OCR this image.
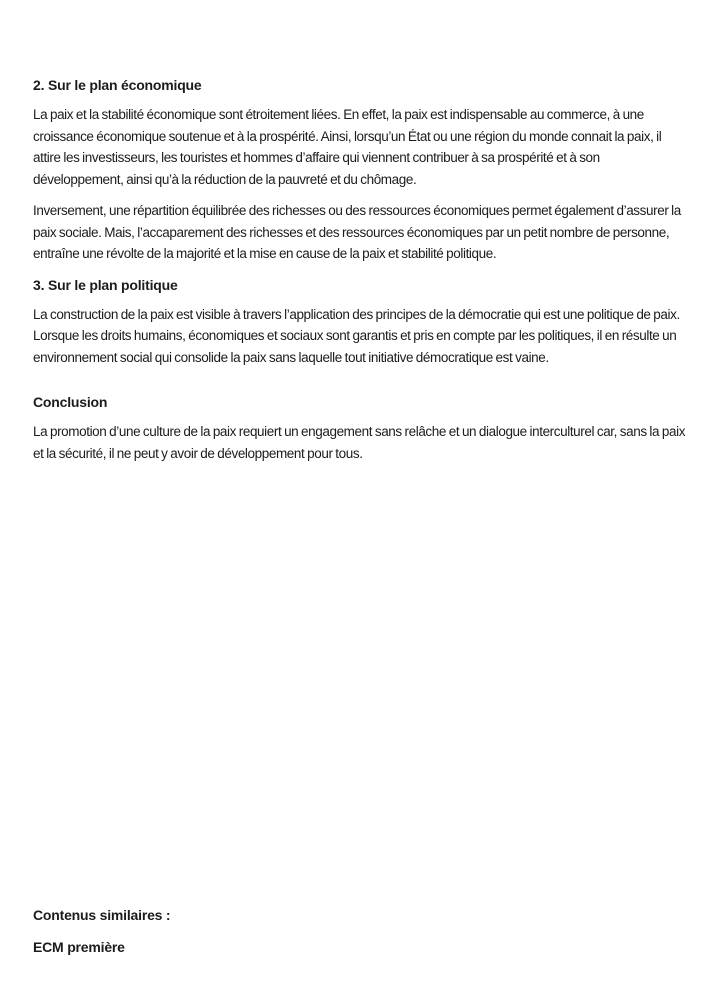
2. Sur le plan économique

La paix et la stabilité économique sont étroitement liées. En effet, la paix est indispensable au commerce, à une croissance économique soutenue et à la prospérité. Ainsi, lorsqu’un État ou une région du monde connait la paix, il attire les investisseurs, les touristes et hommes d’affaire qui viennent contribuer à sa prospérité et à son développement, ainsi qu’à la réduction de la pauvreté et du chômage.

Inversement, une répartition équilibrée des richesses ou des ressources économiques permet également d’assurer la paix sociale. Mais, l’accaparement des richesses et des ressources économiques par un petit nombre de personne, entraîne une révolte de la majorité et la mise en cause de la paix et stabilité politique.

3. Sur le plan politique

La construction de la paix est visible à travers l’application des principes de la démocratie qui est une politique de paix. Lorsque les droits humains, économiques et sociaux sont garantis et pris en compte par les politiques, il en résulte un environnement social qui consolide la paix sans laquelle tout initiative démocratique est vaine.

Conclusion

La promotion d’une culture de la paix requiert un engagement sans relâche et un dialogue interculturel car, sans la paix et la sécurité, il ne peut y avoir de développement pour tous.

Contenus similaires :
ECM première
